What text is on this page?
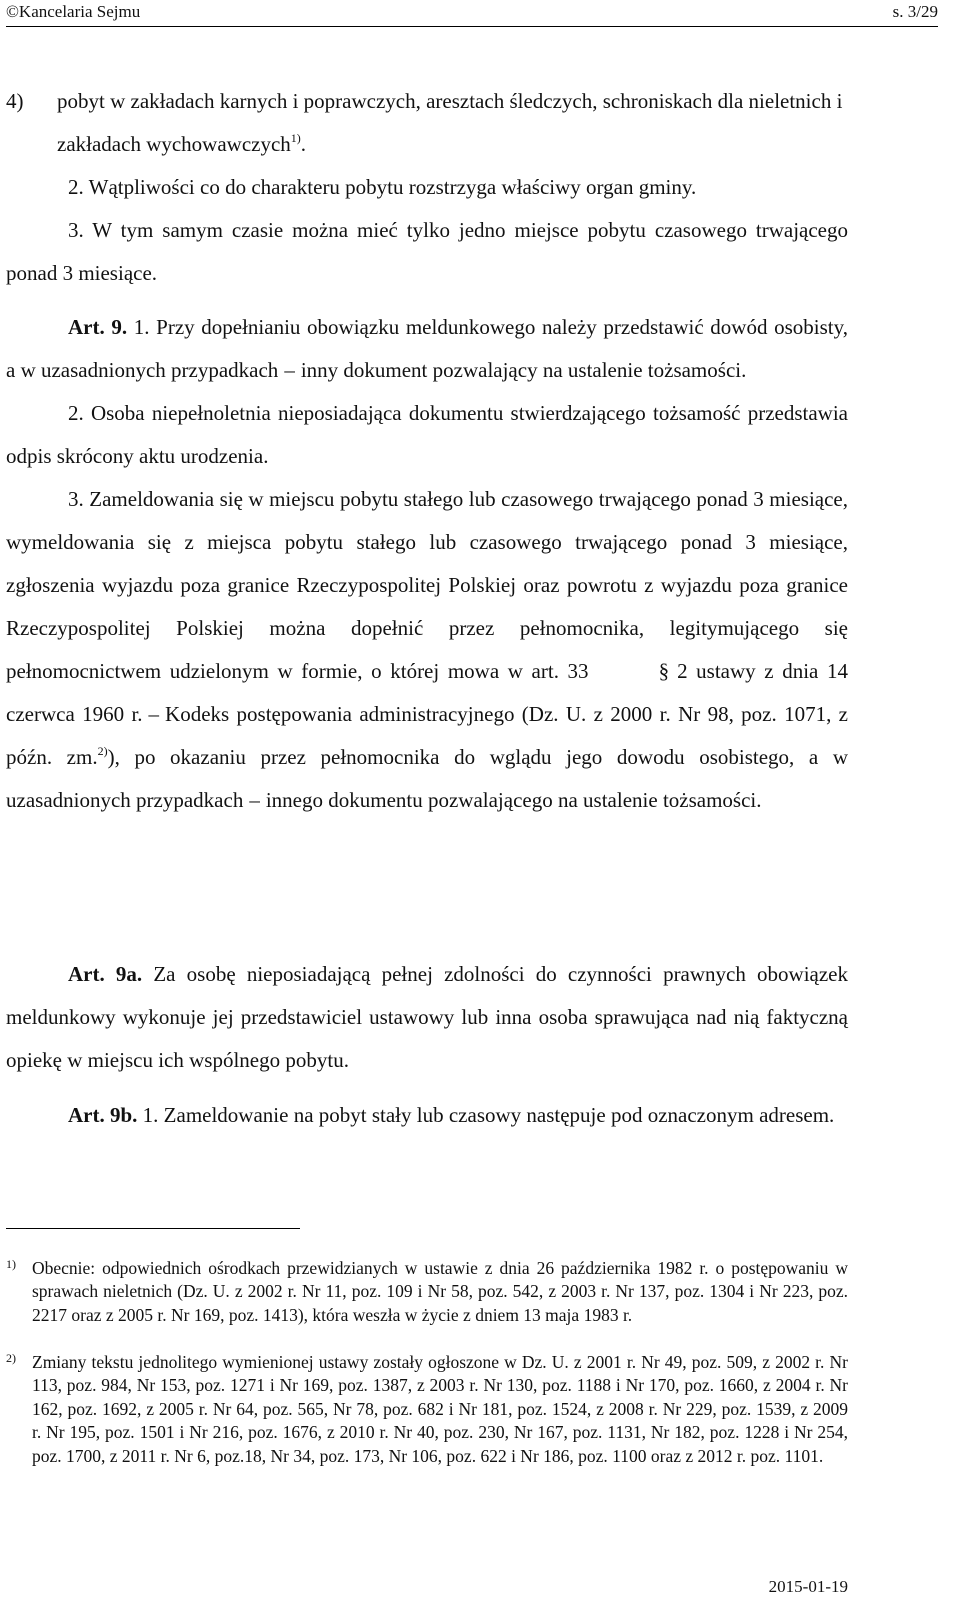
©Kancelaria Sejmu	s. 3/29
4) pobyt w zakładach karnych i poprawczych, aresztach śledczych, schroniskach dla nieletnich i zakładach wychowawczych$^{1)}$.

2. Wątpliwości co do charakteru pobytu rozstrzyga właściwy organ gminy.

3. W tym samym czasie można mieć tylko jedno miejsce pobytu czasowego trwającego ponad 3 miesiące.

Art. 9. 1. Przy dopełnianiu obowiązku meldunkowego należy przedstawić dowód osobisty, a w uzasadnionych przypadkach – inny dokument pozwalający na ustalenie tożsamości.

2. Osoba niepełnoletnia nieposiadająca dokumentu stwierdzającego tożsamość przedstawia odpis skrócony aktu urodzenia.

3. Zameldowania się w miejscu pobytu stałego lub czasowego trwającego ponad 3 miesiące, wymeldowania się z miejsca pobytu stałego lub czasowego trwającego ponad 3 miesiące, zgłoszenia wyjazdu poza granice Rzeczypospolitej Polskiej oraz powrotu z wyjazdu poza granice Rzeczypospolitej Polskiej można dopełnić przez pełnomocnika, legitymującego się pełnomocnictwem udzielonym w formie, o której mowa w art. 33	§ 2 ustawy z dnia 14 czerwca 1960 r. – Kodeks postępowania administracyjnego (Dz. U. z 2000 r. Nr 98, poz. 1071, z późn. zm.$^{2)}$), po okazaniu przez pełnomocnika do wglądu jego dowodu osobistego, a w uzasadnionych przypadkach – innego dokumentu pozwalającego na ustalenie tożsamości.

Art. 9a. Za osobę nieposiadającą pełnej zdolności do czynności prawnych obowiązek meldunkowy wykonuje jej przedstawiciel ustawowy lub inna osoba sprawująca nad nią faktyczną opiekę w miejscu ich wspólnego pobytu.

Art. 9b. 1. Zameldowanie na pobyt stały lub czasowy następuje pod oznaczonym adresem.

1) Obecnie: odpowiednich ośrodkach przewidzianych w ustawie z dnia 26 października 1982 r. o postępowaniu w sprawach nieletnich (Dz. U. z 2002 r. Nr 11, poz. 109 i Nr 58, poz. 542, z 2003 r. Nr 137, poz. 1304 i Nr 223, poz. 2217 oraz z 2005 r. Nr 169, poz. 1413), która weszła w życie z dniem 13 maja 1983 r.
2) Zmiany tekstu jednolitego wymienionej ustawy zostały ogłoszone w Dz. U. z 2001 r. Nr 49, poz. 509, z 2002 r. Nr 113, poz. 984, Nr 153, poz. 1271 i Nr 169, poz. 1387, z 2003 r. Nr 130, poz. 1188 i Nr 170, poz. 1660, z 2004 r. Nr 162, poz. 1692, z 2005 r. Nr 64, poz. 565, Nr 78, poz. 682 i Nr 181, poz. 1524, z 2008 r. Nr 229, poz. 1539, z 2009 r. Nr 195, poz. 1501 i Nr 216, poz. 1676, z 2010 r. Nr 40, poz. 230, Nr 167, poz. 1131, Nr 182, poz. 1228 i Nr 254, poz. 1700, z 2011 r. Nr 6, poz.18, Nr 34, poz. 173, Nr 106, poz. 622 i Nr 186, poz. 1100 oraz z 2012 r. poz. 1101.
2015-01-19
